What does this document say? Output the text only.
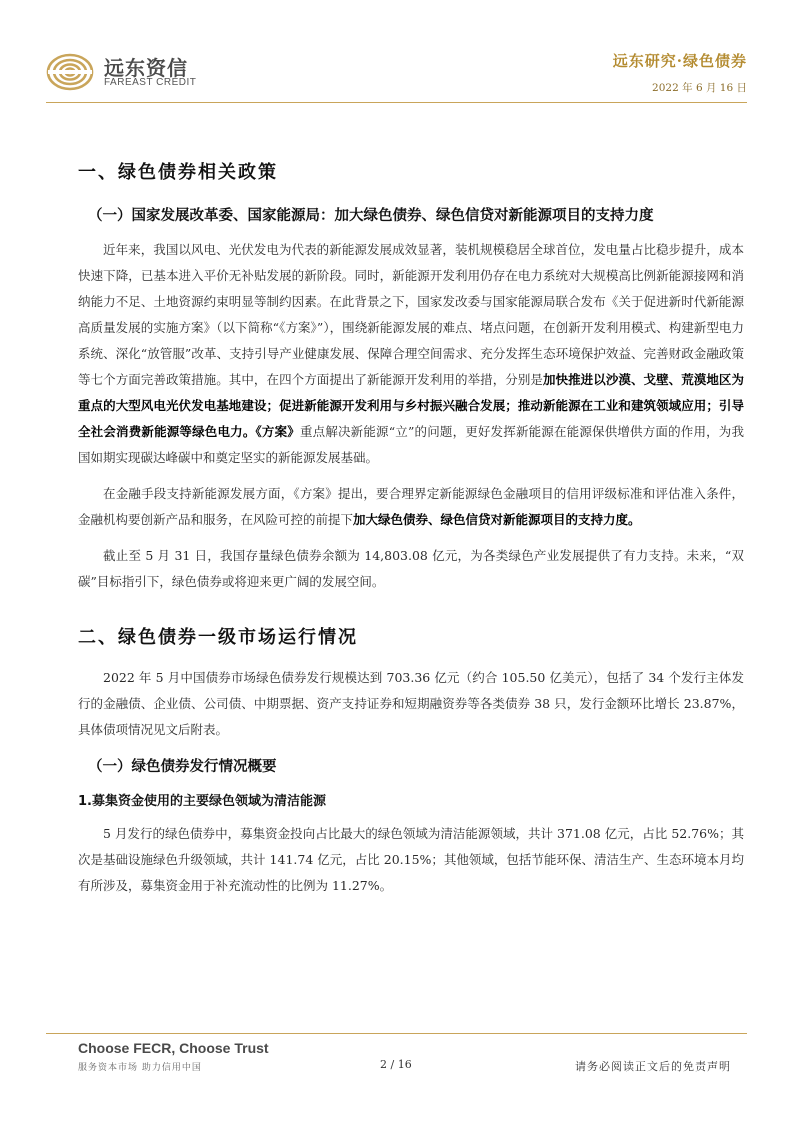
远东资信
FAREAST CREDIT
远东研究·绿色债券
2022 年 6 月 16 日
一、绿色债券相关政策
（一）国家发展改革委、国家能源局：加大绿色债券、绿色信贷对新能源项目的支持力度

近年来，我国以风电、光伏发电为代表的新能源发展成效显著，装机规模稳居全球首位，发电量占比稳步提升，成本快速下降，已基本进入平价无补贴发展的新阶段。同时，新能源开发利用仍存在电力系统对大规模高比例新能源接网和消纳能力不足、土地资源约束明显等制约因素。在此背景之下，国家发改委与国家能源局联合发布《关于促进新时代新能源高质量发展的实施方案》（以下简称“《方案》”），围绕新能源发展的难点、堵点问题，在创新开发利用模式、构建新型电力系统、深化“放管服”改革、支持引导产业健康发展、保障合理空间需求、充分发挥生态环境保护效益、完善财政金融政策等七个方面完善政策措施。其中，在四个方面提出了新能源开发利用的举措，分别是加快推进以沙漠、戈壁、荒漠地区为重点的大型风电光伏发电基地建设；促进新能源开发利用与乡村振兴融合发展；推动新能源在工业和建筑领域应用；引导全社会消费新能源等绿色电力。《方案》重点解决新能源“立”的问题，更好发挥新能源在能源保供增供方面的作用，为我国如期实现碳达峰碳中和奠定坚实的新能源发展基础。

在金融手段支持新能源发展方面，《方案》提出，要合理界定新能源绿色金融项目的信用评级标准和评估准入条件，金融机构要创新产品和服务，在风险可控的前提下加大绿色债券、绿色信贷对新能源项目的支持力度。

截止至 5 月 31 日，我国存量绿色债券余额为 14,803.08 亿元，为各类绿色产业发展提供了有力支持。未来，“双碳”目标指引下，绿色债券或将迎来更广阔的发展空间。

二、绿色债券一级市场运行情况

2022 年 5 月中国债券市场绿色债券发行规模达到 703.36 亿元（约合 105.50 亿美元），包括了 34 个发行主体发行的金融债、企业债、公司债、中期票据、资产支持证券和短期融资券等各类债券 38 只，发行金额环比增长 23.87%，具体债项情况见文后附表。

（一）绿色债券发行情况概要
1.募集资金使用的主要绿色领域为清洁能源

5 月发行的绿色债券中，募集资金投向占比最大的绿色领域为清洁能源领域，共计 371.08 亿元，占比 52.76%；其次是基础设施绿色升级领域，共计 141.74 亿元，占比 20.15%；其他领域，包括节能环保、清洁生产、生态环境本月均有所涉及，募集资金用于补充流动性的比例为 11.27%。

Choose FECR, Choose Trust
服务资本市场 助力信用中国	2 / 16	请务必阅读正文后的免责声明
